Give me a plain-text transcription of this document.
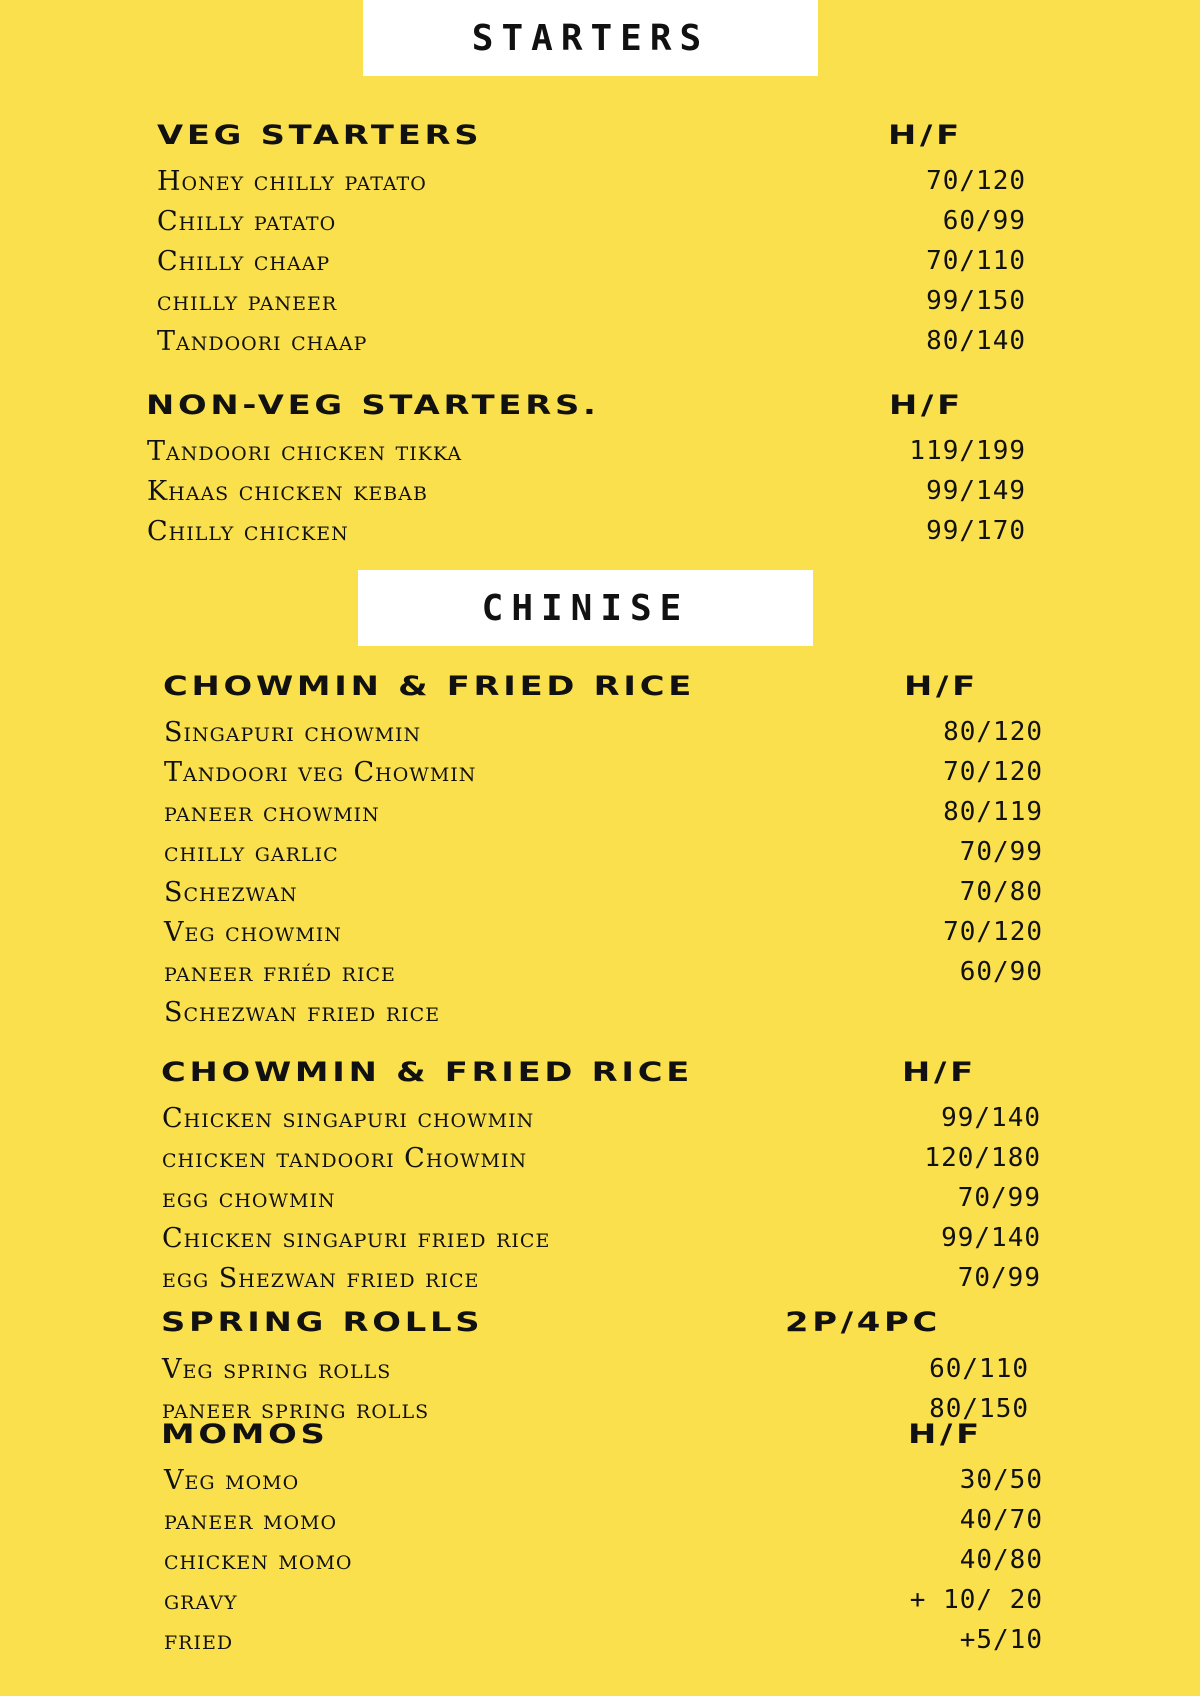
STARTERS
VEG STARTERS	H/F
Honey chilly patato	70/120
Chilly patato	60/99
Chilly chaap	70/110
chilly paneer	99/150
Tandoori chaap	80/140
NON-VEG STARTERS.	H/F
Tandoori chicken tikka	119/199
Khaas chicken kebab	99/149
Chilly chicken	99/170
CHINISE
CHOWMIN & FRIED RICE	H/F
Singapuri chowmin	80/120
Tandoori veg Chowmin	70/120
paneer chowmin	80/119
chilly garlic	70/99
Schezwan	70/80
Veg chowmin	70/120
paneer friéd rice	60/90
Schezwan fried rice
CHOWMIN & FRIED RICE	H/F
Chicken singapuri chowmin	99/140
chicken tandoori Chowmin	120/180
egg chowmin	70/99
Chicken singapuri fried rice	99/140
egg Shezwan fried rice	70/99
SPRING ROLLS	2P/4PC
Veg spring rolls	60/110
paneer spring rolls	80/150
MOMOS	H/F
Veg momo	30/50
paneer momo	40/70
chicken momo	40/80
gravy	+ 10/ 20
fried	+5/10
